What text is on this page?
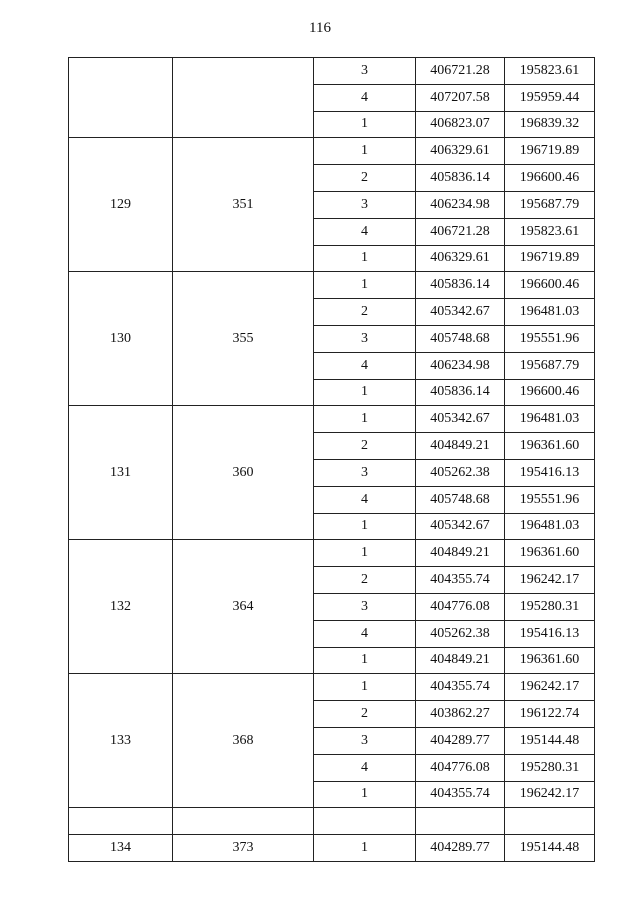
116
		3	406721.28	195823.61
		4	407207.58	195959.44
		1	406823.07	196839.32
129	351	1	406329.61	196719.89
		2	405836.14	196600.46
		3	406234.98	195687.79
		4	406721.28	195823.61
		1	406329.61	196719.89
130	355	1	405836.14	196600.46
		2	405342.67	196481.03
		3	405748.68	195551.96
		4	406234.98	195687.79
		1	405836.14	196600.46
131	360	1	405342.67	196481.03
		2	404849.21	196361.60
		3	405262.38	195416.13
		4	405748.68	195551.96
		1	405342.67	196481.03
132	364	1	404849.21	196361.60
		2	404355.74	196242.17
		3	404776.08	195280.31
		4	405262.38	195416.13
		1	404849.21	196361.60
133	368	1	404355.74	196242.17
		2	403862.27	196122.74
		3	404289.77	195144.48
		4	404776.08	195280.31
		1	404355.74	196242.17

134	373	1	404289.77	195144.48
